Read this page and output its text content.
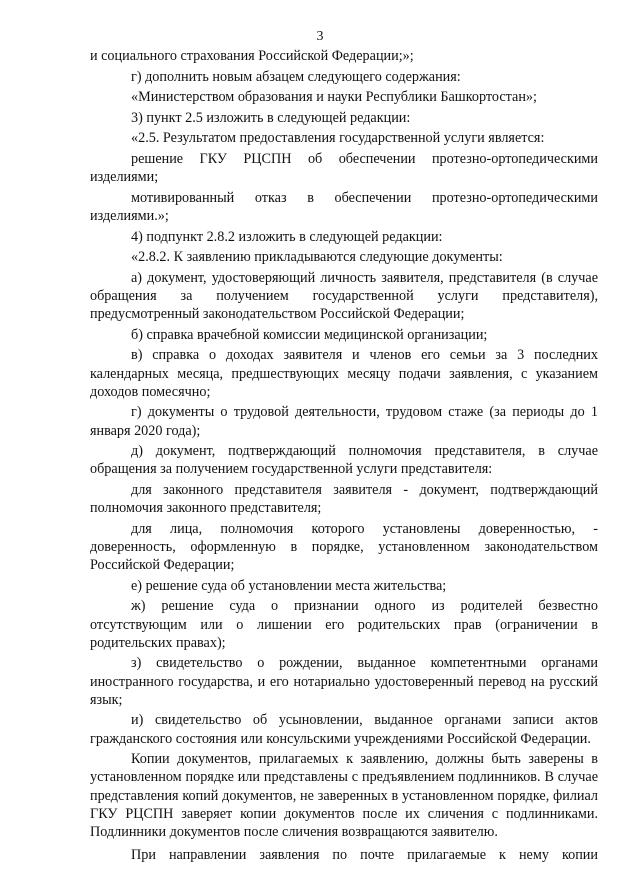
3

и социального страхования Российской Федерации;»;

г) дополнить новым абзацем следующего содержания:

«Министерством образования и науки Республики Башкортостан»;

3) пункт 2.5 изложить в следующей редакции:

«2.5. Результатом предоставления государственной услуги является:

решение ГКУ РЦСПН об обеспечении протезно-ортопедическими изделиями;

мотивированный отказ в обеспечении протезно-ортопедическими изделиями.»;

4) подпункт 2.8.2 изложить в следующей редакции:

«2.8.2. К заявлению прикладываются следующие документы:

а) документ, удостоверяющий личность заявителя, представителя (в случае обращения за получением государственной услуги представителя), предусмотренный законодательством Российской Федерации;

б) справка врачебной комиссии медицинской организации;

в) справка о доходах заявителя и членов его семьи за 3 последних календарных месяца, предшествующих месяцу подачи заявления, с указанием доходов помесячно;

г) документы о трудовой деятельности, трудовом стаже (за периоды до 1 января 2020 года);

д) документ, подтверждающий полномочия представителя, в случае обращения за получением государственной услуги представителя:

для законного представителя заявителя - документ, подтверждающий полномочия законного представителя;

для лица, полномочия которого установлены доверенностью, - доверенность, оформленную в порядке, установленном законодательством Российской Федерации;

е) решение суда об установлении места жительства;

ж) решение суда о признании одного из родителей безвестно отсутствующим или о лишении его родительских прав (ограничении в родительских правах);

з) свидетельство о рождении, выданное компетентными органами иностранного государства, и его нотариально удостоверенный перевод на русский язык;

и) свидетельство об усыновлении, выданное органами записи актов гражданского состояния или консульскими учреждениями Российской Федерации.

Копии документов, прилагаемых к заявлению, должны быть заверены в установленном порядке или представлены с предъявлением подлинников. В случае представления копий документов, не заверенных в установленном порядке, филиал ГКУ РЦСПН заверяет копии документов после их сличения с подлинниками. Подлинники документов после сличения возвращаются заявителю.

При направлении заявления по почте прилагаемые к нему копии
